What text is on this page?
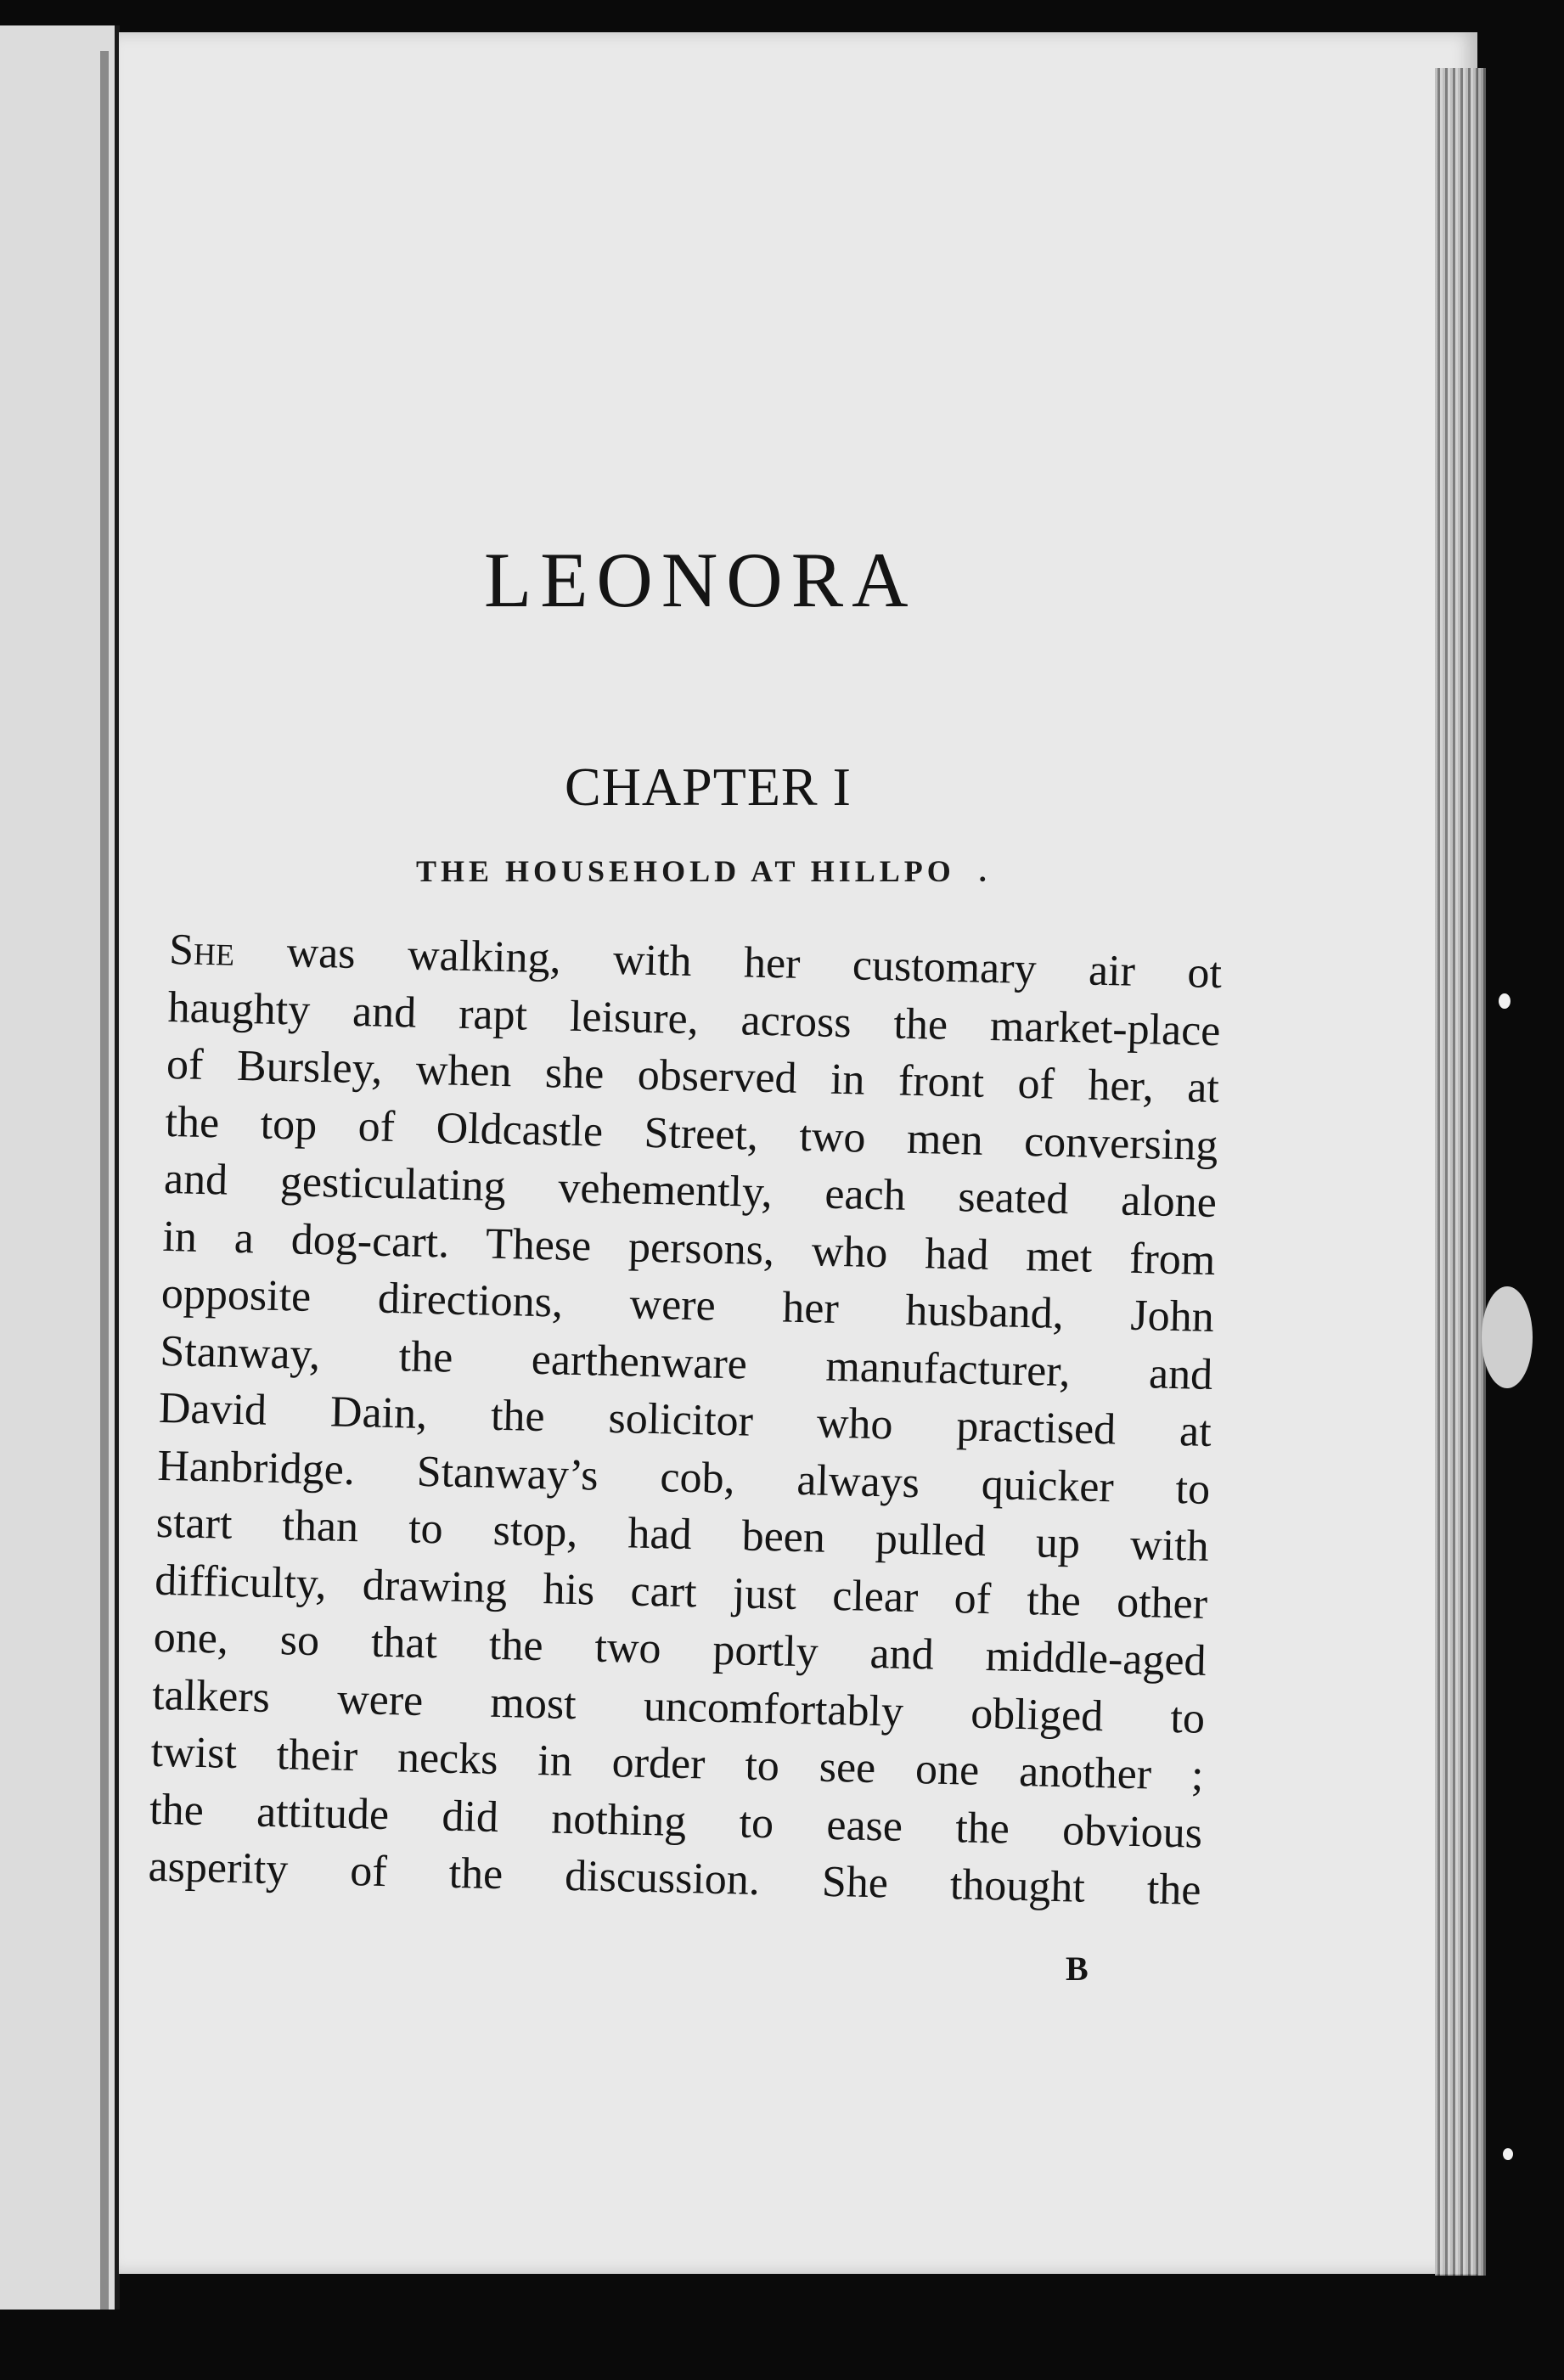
LEONORA
CHAPTER I

THE HOUSEHOLD AT HILLPO  .

She was walking, with her customary air ot
haughty and rapt leisure, across the market-place
of Bursley, when she observed in front of her, at
the top of Oldcastle Street, two men conversing
and gesticulating vehemently, each seated alone
in a dog-cart. These persons, who had met from
opposite directions, were her husband, John
Stanway, the earthenware manufacturer, and
David Dain, the solicitor who practised at
Hanbridge. Stanway’s cob, always quicker to
start than to stop, had been pulled up with
difficulty, drawing his cart just clear of the other
one, so that the two portly and middle-aged
talkers were most uncomfortably obliged to
twist their necks in order to see one another ;
the attitude did nothing to ease the obvious
asperity of the discussion. She thought the
B
